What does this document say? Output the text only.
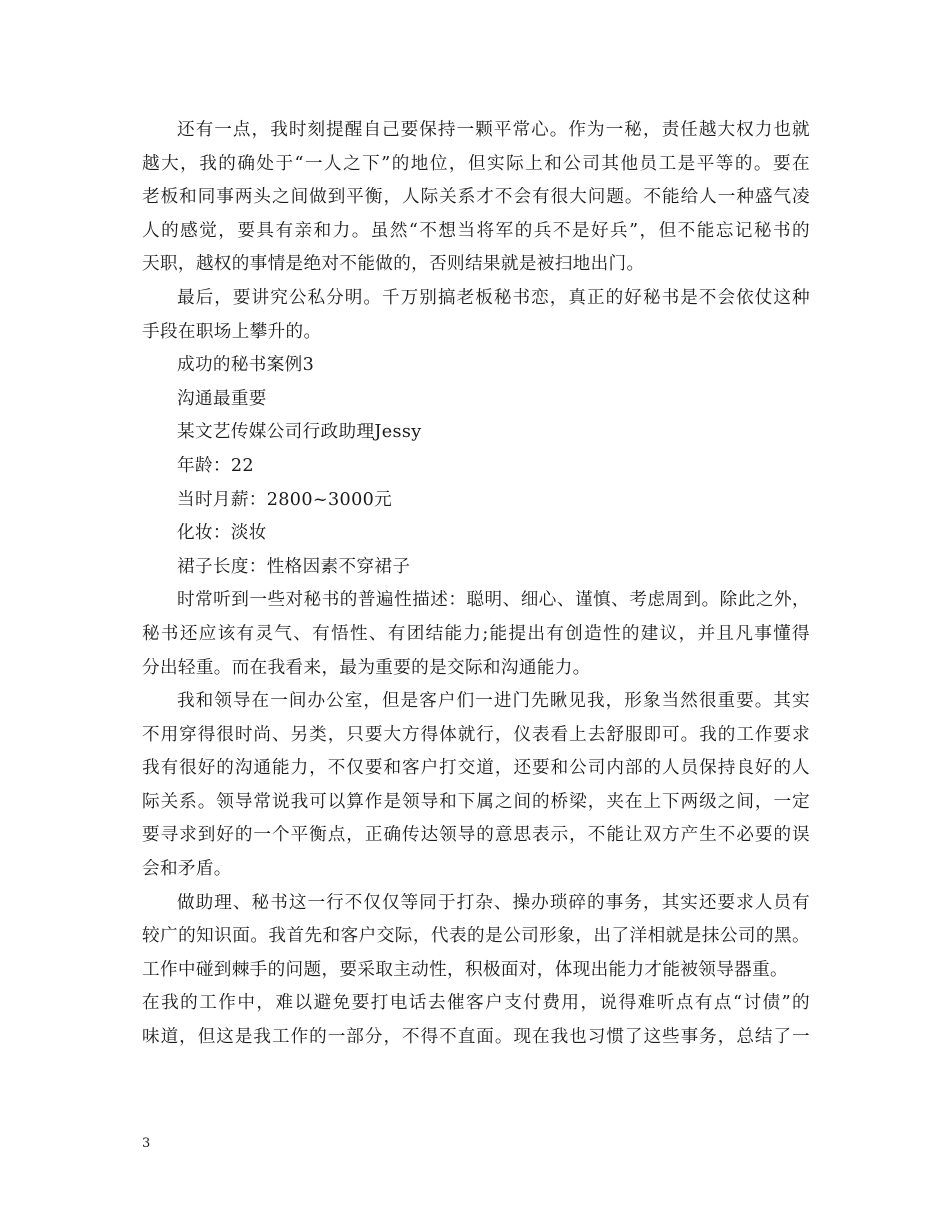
还有一点，我时刻提醒自己要保持一颗平常心。作为一秘，责任越大权力也就
越大，我的确处于“一人之下”的地位，但实际上和公司其他员工是平等的。要在
老板和同事两头之间做到平衡，人际关系才不会有很大问题。不能给人一种盛气凌
人的感觉，要具有亲和力。虽然“不想当将军的兵不是好兵”，但不能忘记秘书的
天职，越权的事情是绝对不能做的，否则结果就是被扫地出门。

最后，要讲究公私分明。千万别搞老板秘书恋，真正的好秘书是不会依仗这种
手段在职场上攀升的。

成功的秘书案例3

沟通最重要

某文艺传媒公司行政助理Jessy

年龄：22

当时月薪：2800~3000元

化妆：淡妆

裙子长度：性格因素不穿裙子

时常听到一些对秘书的普遍性描述：聪明、细心、谨慎、考虑周到。除此之外，
秘书还应该有灵气、有悟性、有团结能力;能提出有创造性的建议，并且凡事懂得
分出轻重。而在我看来，最为重要的是交际和沟通能力。

我和领导在一间办公室，但是客户们一进门先瞅见我，形象当然很重要。其实
不用穿得很时尚、另类，只要大方得体就行，仪表看上去舒服即可。我的工作要求
我有很好的沟通能力，不仅要和客户打交道，还要和公司内部的人员保持良好的人
际关系。领导常说我可以算作是领导和下属之间的桥梁，夹在上下两级之间，一定
要寻求到好的一个平衡点，正确传达领导的意思表示，不能让双方产生不必要的误
会和矛盾。

做助理、秘书这一行不仅仅等同于打杂、操办琐碎的事务，其实还要求人员有
较广的知识面。我首先和客户交际，代表的是公司形象，出了洋相就是抹公司的黑。
工作中碰到棘手的问题，要采取主动性，积极面对，体现出能力才能被领导器重。

在我的工作中，难以避免要打电话去催客户支付费用，说得难听点有点“讨债”的
味道，但这是我工作的一部分，不得不直面。现在我也习惯了这些事务，总结了一

3
